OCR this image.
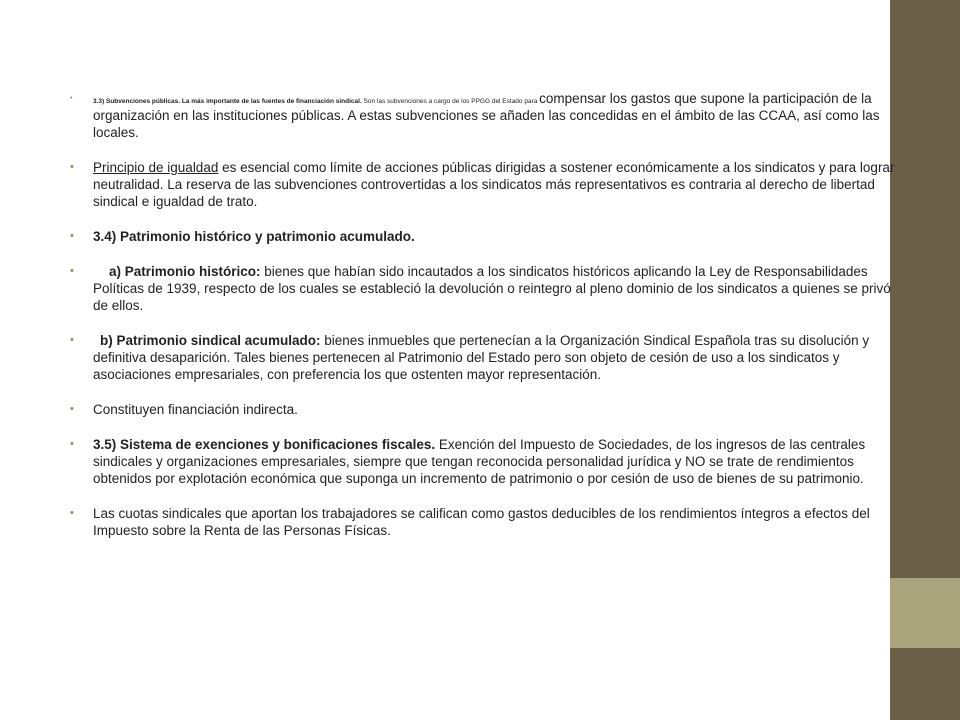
•	3.3) Subvenciones públicas. La más importante de las fuentes de financiación sindical. Son las subvenciones a cargo de los PPGG del Estado para compensar los gastos que supone la participación de la organización en las instituciones públicas. A estas subvenciones se añaden las concedidas en el ámbito de las CCAA, así como las locales.
• Principio de igualdad es esencial como límite de acciones públicas dirigidas a sostener económicamente a los sindicatos y para lograr neutralidad. La reserva de las subvenciones controvertidas a los sindicatos más representativos es contraria al derecho de libertad sindical e igualdad de trato.
• 3.4) Patrimonio histórico y patrimonio acumulado.
•	a) Patrimonio histórico: bienes que habían sido incautados a los sindicatos históricos aplicando la Ley de Responsabilidades Políticas de 1939, respecto de los cuales se estableció la devolución o reintegro al pleno dominio de los sindicatos a quienes se privó de ellos.
• b) Patrimonio sindical acumulado: bienes inmuebles que pertenecían a la Organización Sindical Española tras su disolución y definitiva desaparición. Tales bienes pertenecen al Patrimonio del Estado pero son objeto de cesión de uso a los sindicatos y asociaciones empresariales, con preferencia los que ostenten mayor representación.
• Constituyen financiación indirecta.
• 3.5) Sistema de exenciones y bonificaciones fiscales. Exención del Impuesto de Sociedades, de los ingresos de las centrales sindicales y organizaciones empresariales, siempre que tengan reconocida personalidad jurídica y NO se trate de rendimientos obtenidos por explotación económica que suponga un incremento de patrimonio o por cesión de uso de bienes de su patrimonio.
• Las cuotas sindicales que aportan los trabajadores se califican como gastos deducibles de los rendimientos íntegros a efectos del Impuesto sobre la Renta de las Personas Físicas.
